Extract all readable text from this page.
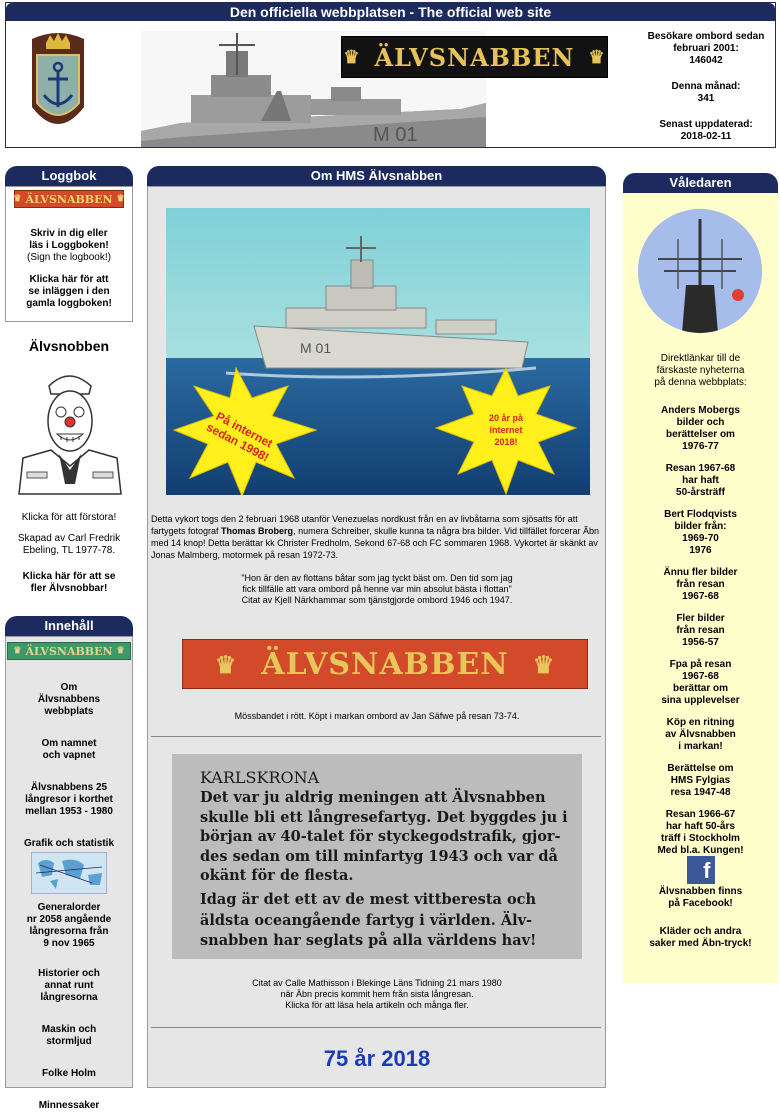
Den officiella webbplatsen - The official web site
M 01
♛ ÄLVSNABBEN ♛
Besökare ombord sedan februari 2001:
146042
Denna månad:
341
Senast uppdaterad:
2018-02-11
Loggbok
♛ ÄLVSNABBEN ♛
Skriv in dig eller
läs i Loggboken!
(Sign the logbook!)
Klicka här för att
se inläggen i den
gamla loggboken!
Älvsnobben
Klicka för att förstora!
Skapad av Carl Fredrik
Ebeling, TL 1977-78.
Klicka här för att se
fler Älvsnobbar!
Innehåll
♛ ÄLVSNABBEN ♛
Om
Älvsnabbens
webbplats
Om namnet
och vapnet
Älvsnabbens 25
långresor i korthet
mellan 1953 - 1980
Grafik och statistik
Generalorder
nr 2058 angående
långresorna från
9 nov 1965
Historier och
annat runt
långresorna
Maskin och
stormljud
Folke Holm
Minnessaker
Om HMS Älvsnabben
M 01
På internet sedan 1998!
20 år på
internet
2018!
Detta vykort togs den 2 februari 1968 utanför Venezuelas nordkust från en av livbåtarna som sjösatts för att fartygets fotograf Thomas Broberg, numera Schreiber, skulle kunna ta några bra bilder. Vid tillfället forcerar Ãbn med 14 knop! Detta berättar kk Christer Fredholm, Sekond 67-68 och FC sommaren 1968. Vykortet är skänkt av Jonas Malmberg, motormek på resan 1972-73.
"Hon är den av flottans båtar som jag tyckt bäst om. Den tid som jag
fick tillfälle att vara ombord på henne var min absolut bästa i flottan"
Citat av Kjell Närkhammar som tjänstgjorde ombord 1946 och 1947.
♛ ÄLVSNABBEN ♛
Mössbandet i rött. Köpt i markan ombord av Jan Säfwe på resan 73-74.
KARLSKRONA
Det var ju aldrig meningen att Älvsnabben
skulle bli ett långresefartyg. Det byggdes ju i
början av 40-talet för styckegodstrafik, gjor-
des sedan om till minfartyg 1943 och var då
okänt för de flesta.
Idag är det ett av de mest vittberesta och
äldsta oceangående fartyg i världen. Älv-
snabben har seglats på alla världens hav!
Citat av Calle Mathisson i Blekinge Läns Tidning 21 mars 1980
när Äbn precis kommit hem från sista långresan.
Klicka för att läsa hela artikeln och många fler.
75 år 2018
Våledaren
Direktlänkar till de
färskaste nyheterna
på denna webbplats:
Anders Mobergs
bilder och
berättelser om
1976-77
Resan 1967-68
har haft
50-årsträff
Bert Flodqvists
bilder från:
1969-70
1976
Ännu fler bilder
från resan
1967-68
Fler bilder
från resan
1956-57
Fpa på resan
1967-68
berättar om
sina upplevelser
Köp en ritning
av Älvsnabben
i markan!
Berättelse om
HMS Fylgias
resa 1947-48
Resan 1966-67
har haft 50-års
träff i Stockholm
Med bl.a. Kungen!
f
Älvsnabben finns
på Facebook!
Kläder och andra
saker med Äbn-tryck!
